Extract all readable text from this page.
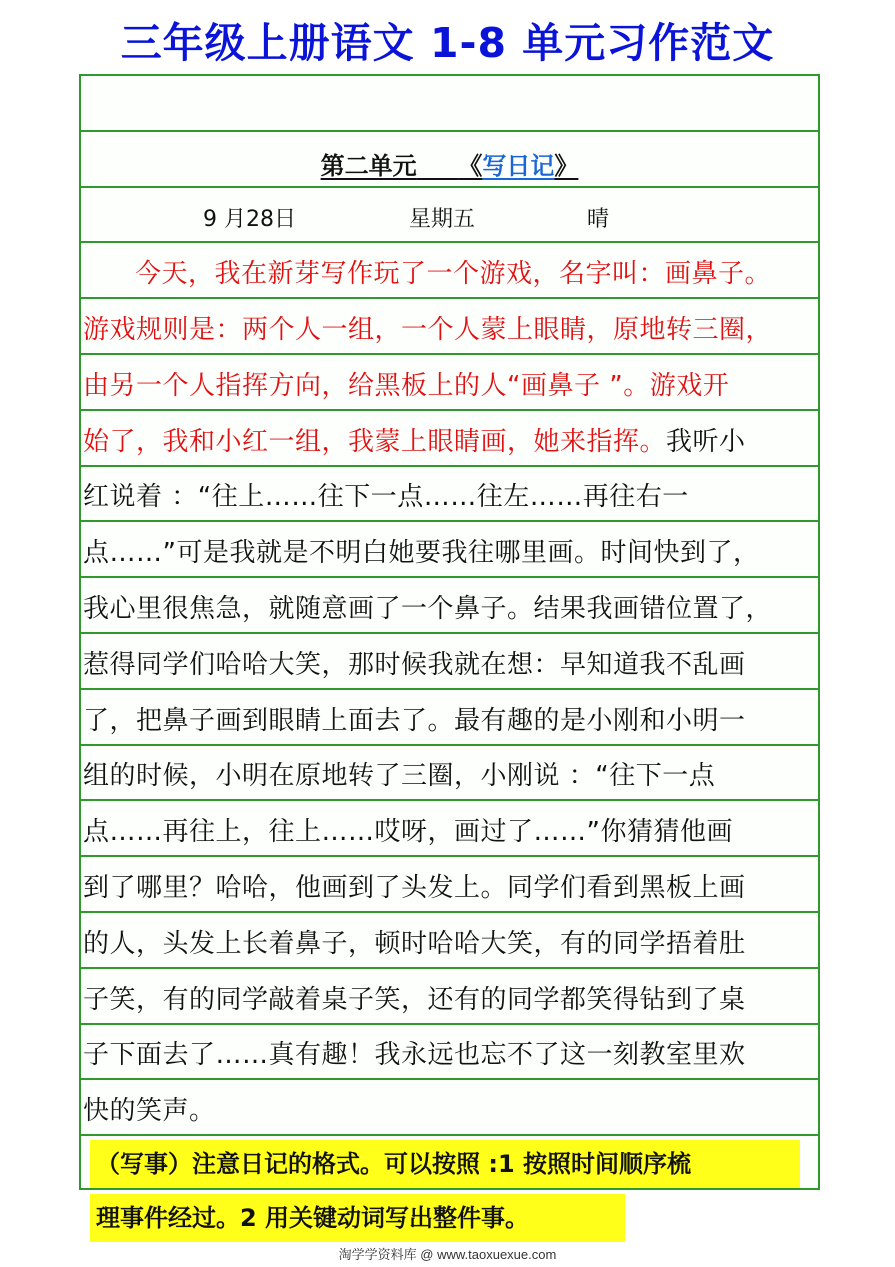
三年级上册语文 1-8 单元习作范文
第二单元 《写日记》
9 月28日	星期五	晴
今天，我在新芽写作玩了一个游戏，名字叫：画鼻子。
游戏规则是：两个人一组，一个人蒙上眼睛，原地转三圈，
由另一个人指挥方向，给黑板上的人“画鼻子 ”。游戏开
始了，我和小红一组，我蒙上眼睛画，她来指挥。我听小
红说着 ：“往上……往下一点……往左……再往右一
点……”可是我就是不明白她要我往哪里画。时间快到了，
我心里很焦急，就随意画了一个鼻子。结果我画错位置了，
惹得同学们哈哈大笑，那时候我就在想：早知道我不乱画
了，把鼻子画到眼睛上面去了。最有趣的是小刚和小明一
组的时候，小明在原地转了三圈，小刚说 ：“往下一点
点……再往上，往上……哎呀，画过了……”你猜猜他画
到了哪里？哈哈，他画到了头发上。同学们看到黑板上画
的人，头发上长着鼻子，顿时哈哈大笑，有的同学捂着肚
子笑，有的同学敲着桌子笑，还有的同学都笑得钻到了桌
子下面去了……真有趣！我永远也忘不了这一刻教室里欢
快的笑声。
（写事）注意日记的格式。可以按照 :1 按照时间顺序梳
理事件经过。2 用关键动词写出整件事。
淘学学资料库 @ www.taoxuexue.com
